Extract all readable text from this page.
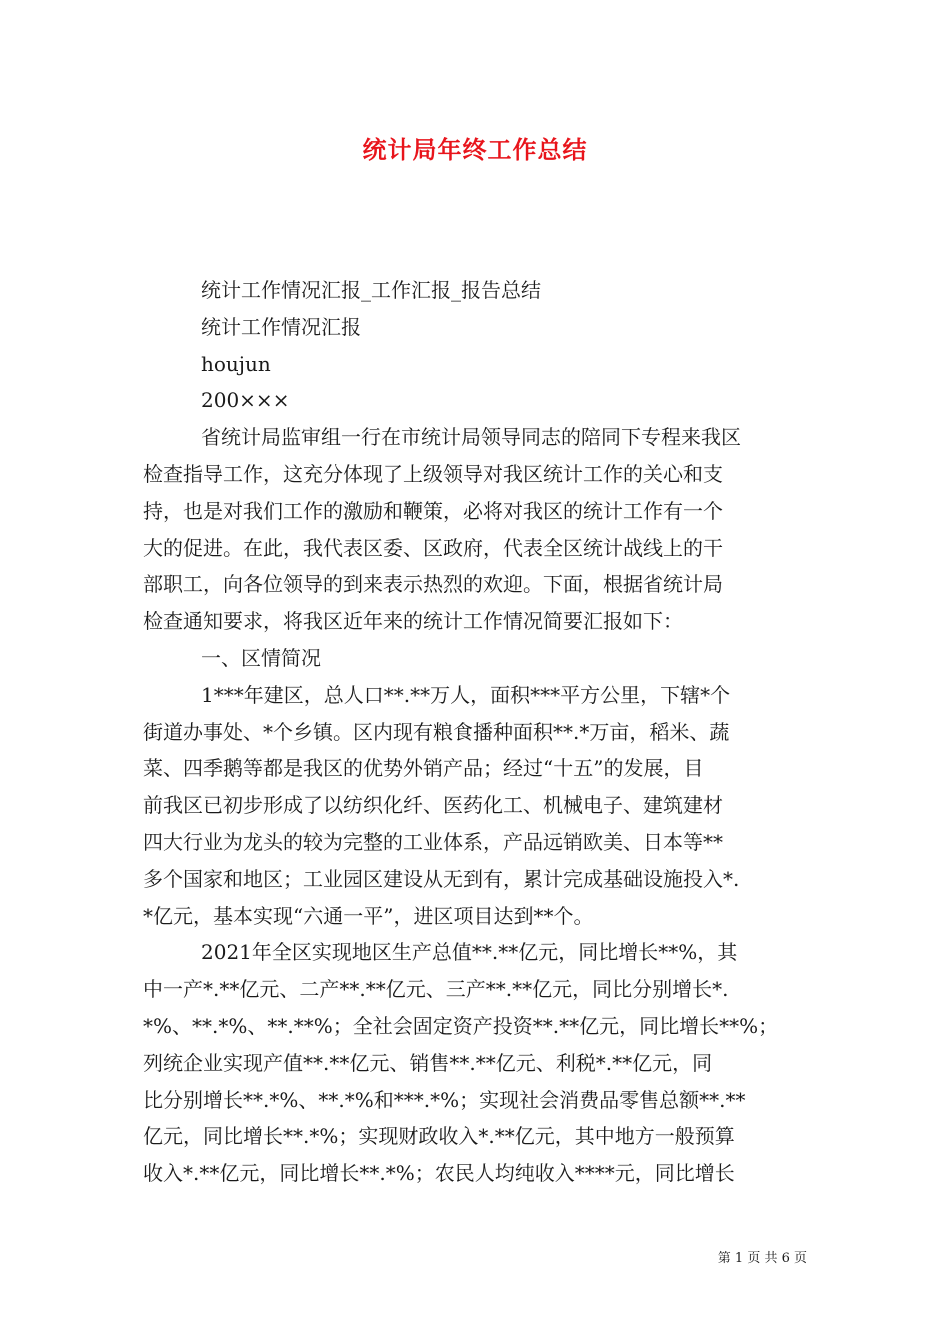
统计局年终工作总结
统计工作情况汇报_工作汇报_报告总结
统计工作情况汇报
houjun
200×××
省统计局监审组一行在市统计局领导同志的陪同下专程来我区
检查指导工作，这充分体现了上级领导对我区统计工作的关心和支
持，也是对我们工作的激励和鞭策，必将对我区的统计工作有一个
大的促进。在此，我代表区委、区政府，代表全区统计战线上的干
部职工，向各位领导的到来表示热烈的欢迎。下面，根据省统计局
检查通知要求，将我区近年来的统计工作情况简要汇报如下：
一、区情简况
1***年建区，总人口**.**万人，面积***平方公里，下辖*个
街道办事处、*个乡镇。区内现有粮食播种面积**.*万亩，稻米、蔬
菜、四季鹅等都是我区的优势外销产品；经过“十五”的发展，目
前我区已初步形成了以纺织化纤、医药化工、机械电子、建筑建材
四大行业为龙头的较为完整的工业体系，产品远销欧美、日本等**
多个国家和地区；工业园区建设从无到有，累计完成基础设施投入*.
*亿元，基本实现“六通一平”，进区项目达到**个。
2021年全区实现地区生产总值**.**亿元，同比增长**%，其
中一产*.**亿元、二产**.**亿元、三产**.**亿元，同比分别增长*.
*%、**.*%、**.**%；全社会固定资产投资**.**亿元，同比增长**%；
列统企业实现产值**.**亿元、销售**.**亿元、利税*.**亿元，同
比分别增长**.*%、**.*%和***.*%；实现社会消费品零售总额**.**
亿元，同比增长**.*%；实现财政收入*.**亿元，其中地方一般预算
收入*.**亿元，同比增长**.*%；农民人均纯收入****元，同比增长
第 1 页 共 6 页
